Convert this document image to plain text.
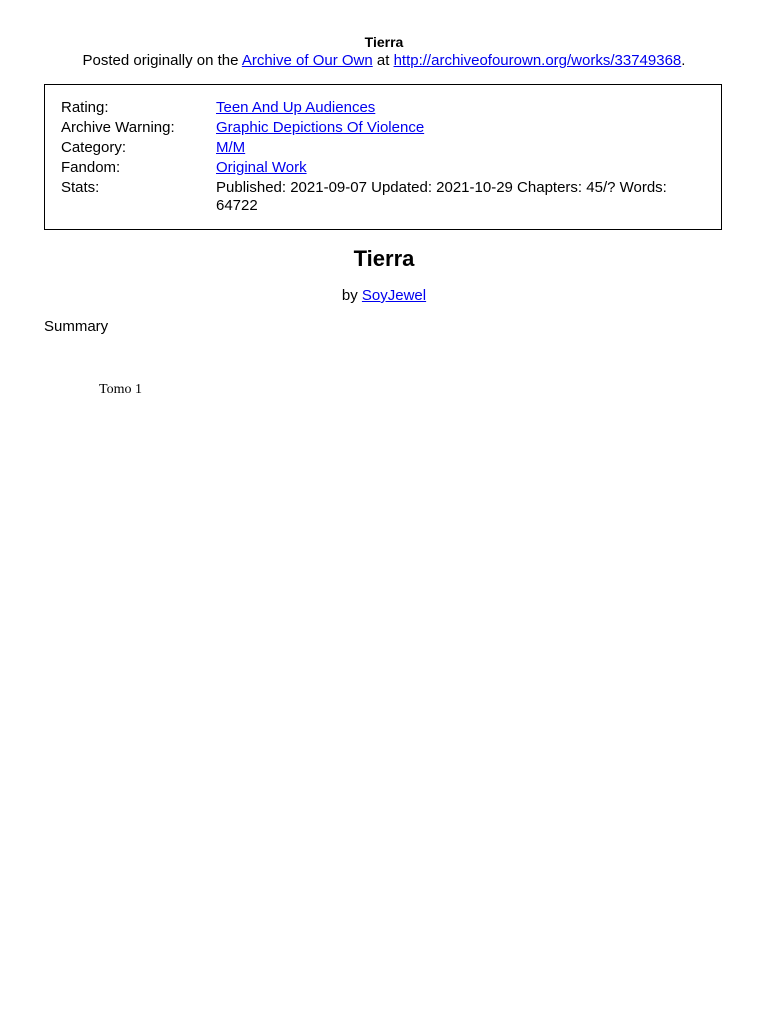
Tierra
Posted originally on the Archive of Our Own at http://archiveofourown.org/works/33749368.
Rating:	Teen And Up Audiences
Archive Warning:	Graphic Depictions Of Violence
Category:	M/M
Fandom:	Original Work
Stats:	Published: 2021-09-07 Updated: 2021-10-29 Chapters: 45/? Words: 64722
Tierra
by SoyJewel
Summary
Tomo 1
